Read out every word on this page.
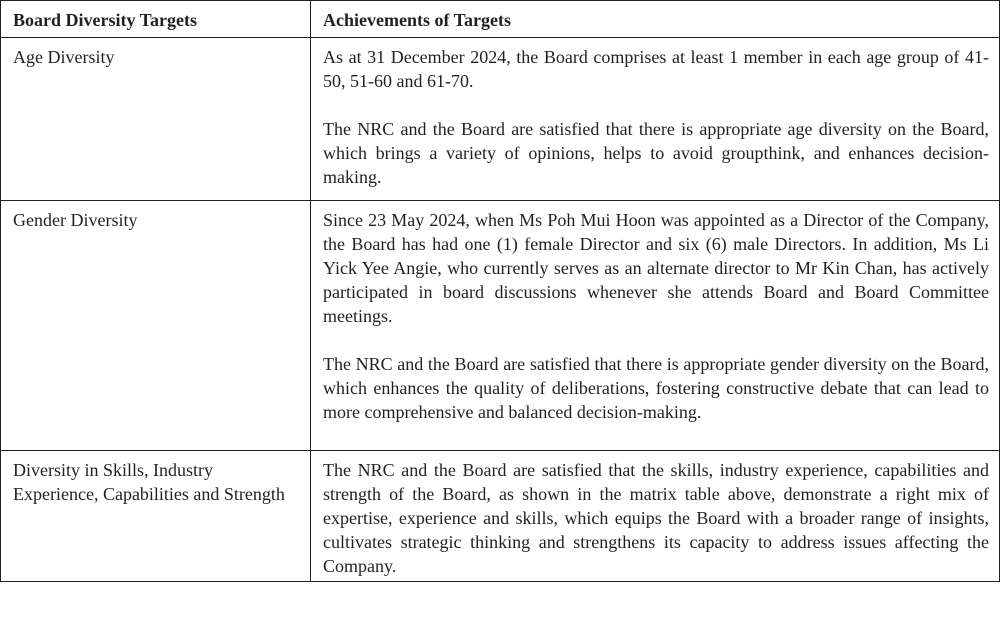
Board Diversity Targets	Achievements of Targets
Age Diversity	As at 31 December 2024, the Board comprises at least 1 member in each age group of 41-50, 51-60 and 61-70.

The NRC and the Board are satisfied that there is appropriate age diversity on the Board, which brings a variety of opinions, helps to avoid groupthink, and enhances decision-making.

Gender Diversity	Since 23 May 2024, when Ms Poh Mui Hoon was appointed as a Director of the Company, the Board has had one (1) female Director and six (6) male Directors. In addition, Ms Li Yick Yee Angie, who currently serves as an alternate director to Mr Kin Chan, has actively participated in board discussions whenever she attends Board and Board Committee meetings.

The NRC and the Board are satisfied that there is appropriate gender diversity on the Board, which enhances the quality of deliberations, fostering constructive debate that can lead to more comprehensive and balanced decision-making.

Diversity in Skills, Industry Experience, Capabilities and Strength	The NRC and the Board are satisfied that the skills, industry experience, capabilities and strength of the Board, as shown in the matrix table above, demonstrate a right mix of expertise, experience and skills, which equips the Board with a broader range of insights, cultivates strategic thinking and strengthens its capacity to address issues affecting the Company.
